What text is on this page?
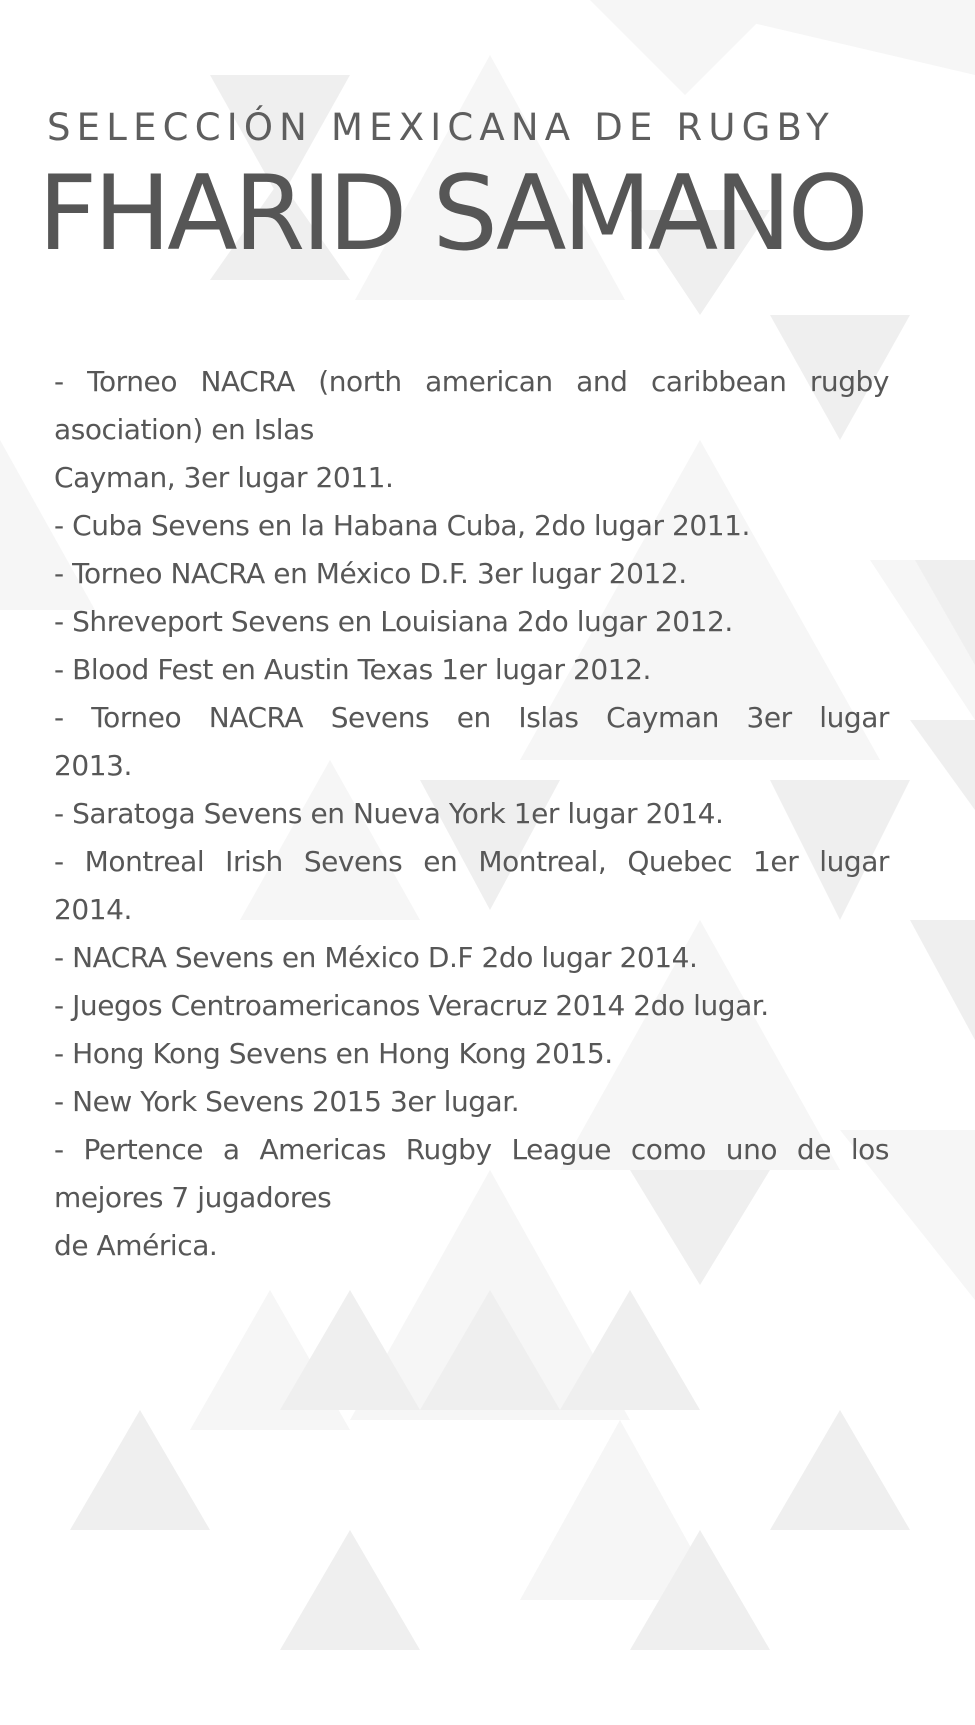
SELECCIÓN MEXICANA DE RUGBY
FHARID SAMANO
- Torneo NACRA (north american and caribbean rugby
asociation) en Islas
Cayman, 3er lugar 2011.
- Cuba Sevens en la Habana Cuba, 2do lugar 2011.
- Torneo NACRA en México D.F. 3er lugar 2012.
- Shreveport Sevens en Louisiana 2do lugar 2012.
- Blood Fest en Austin Texas 1er lugar 2012.
- Torneo NACRA Sevens en Islas Cayman 3er lugar
2013.
- Saratoga Sevens en Nueva York 1er lugar 2014.
- Montreal Irish Sevens en Montreal, Quebec 1er lugar
2014.
- NACRA Sevens en México D.F 2do lugar 2014.
- Juegos Centroamericanos Veracruz 2014 2do lugar.
- Hong Kong Sevens en Hong Kong 2015.
- New York Sevens 2015 3er lugar.
- Pertence a Americas Rugby League como uno de los
mejores 7 jugadores
de América.
